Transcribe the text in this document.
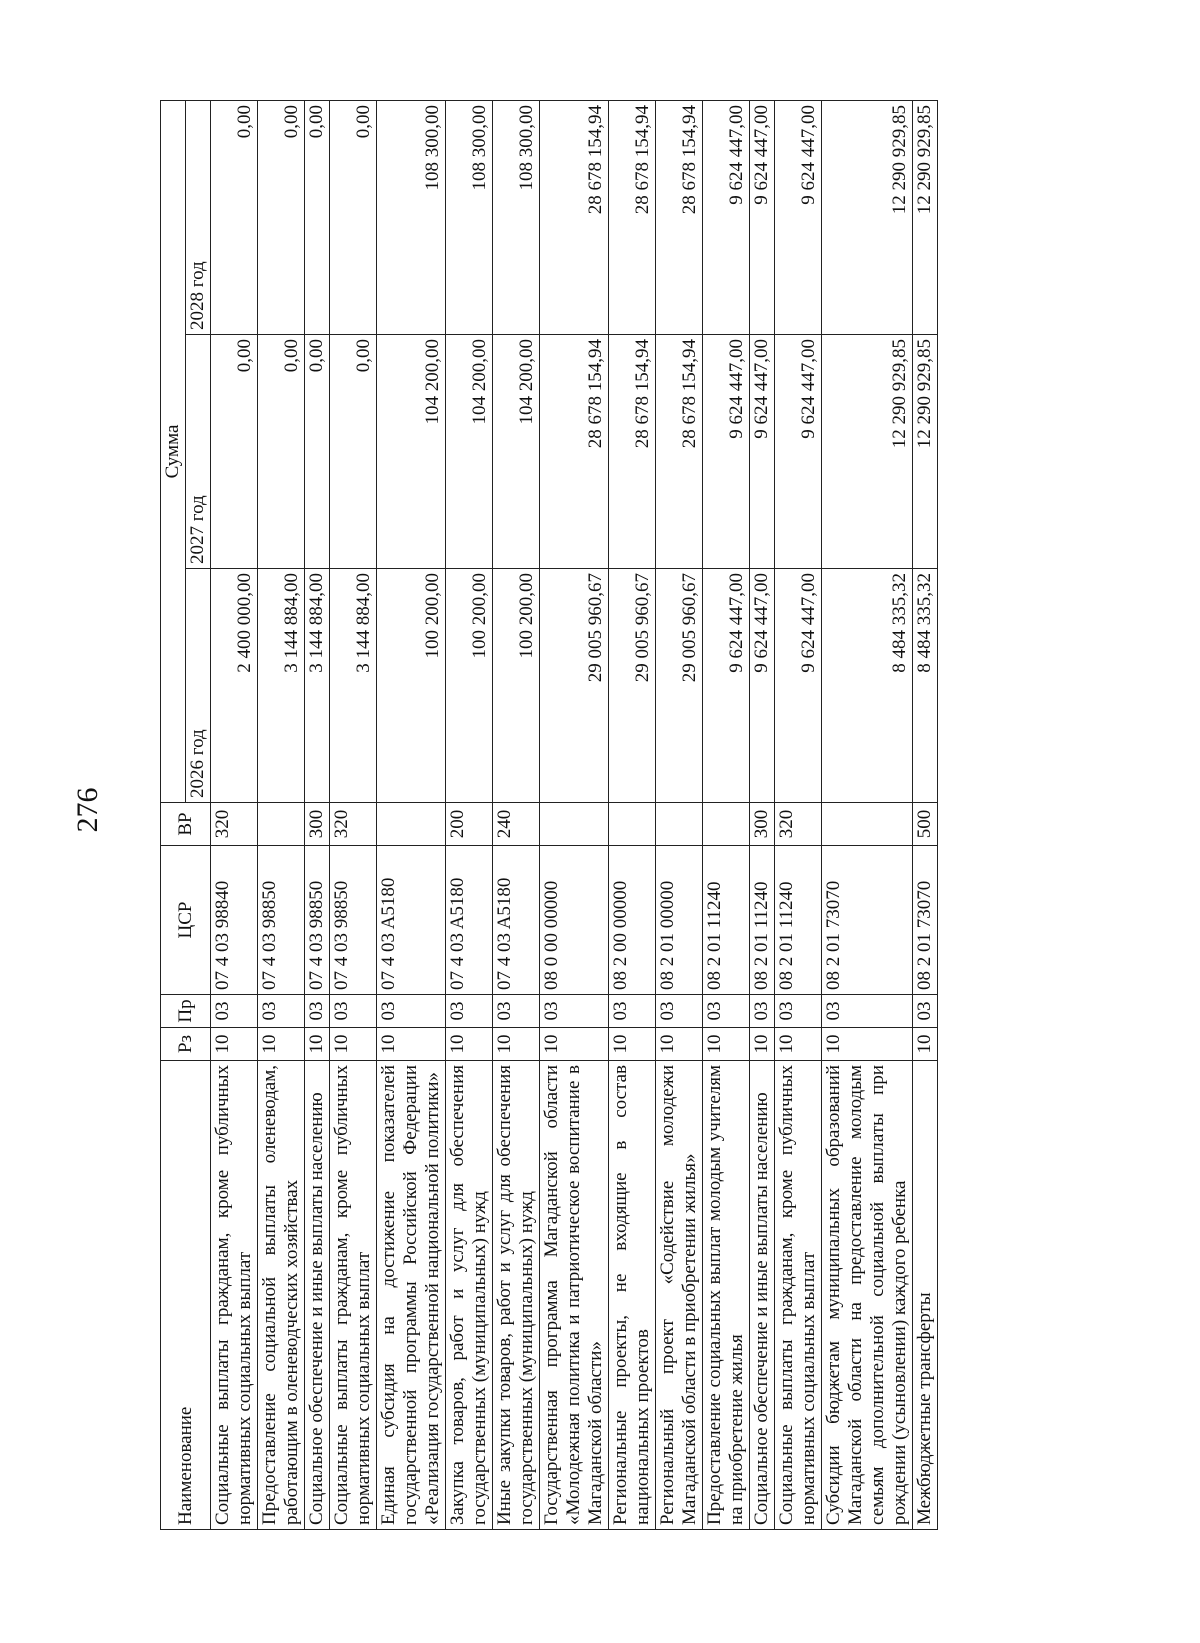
276
Наименование	Рз	Пр	ЦСР	ВР	Сумма		
					2026 год	2027 год	2028 год
Социальные выплаты гражданам, кроме публичных нормативных социальных выплат	10	03	07 4 03 98840	320	2 400 000,00	0,00	0,00
Предоставление социальной выплаты оленеводам, работающим в оленеводческих хозяйствах	10	03	07 4 03 98850		3 144 884,00	0,00	0,00
Социальное обеспечение и иные выплаты населению	10	03	07 4 03 98850	300	3 144 884,00	0,00	0,00
Социальные выплаты гражданам, кроме публичных нормативных социальных выплат	10	03	07 4 03 98850	320	3 144 884,00	0,00	0,00
Единая субсидия на достижение показателей государственной программы Российской Федерации «Реализация государственной национальной политики»	10	03	07 4 03 A5180		100 200,00	104 200,00	108 300,00
Закупка товаров, работ и услуг для обеспечения государственных (муниципальных) нужд	10	03	07 4 03 A5180	200	100 200,00	104 200,00	108 300,00
Иные закупки товаров, работ и услуг для обеспечения государственных (муниципальных) нужд	10	03	07 4 03 A5180	240	100 200,00	104 200,00	108 300,00
Государственная программа Магаданской области «Молодежная политика и патриотическое воспитание в Магаданской области»	10	03	08 0 00 00000		29 005 960,67	28 678 154,94	28 678 154,94
Региональные проекты, не входящие в состав национальных проектов	10	03	08 2 00 00000		29 005 960,67	28 678 154,94	28 678 154,94
Региональный проект «Содействие молодежи Магаданской области в приобретении жилья»	10	03	08 2 01 00000		29 005 960,67	28 678 154,94	28 678 154,94
Предоставление социальных выплат молодым учителям на приобретение жилья	10	03	08 2 01 11240		9 624 447,00	9 624 447,00	9 624 447,00
Социальное обеспечение и иные выплаты населению	10	03	08 2 01 11240	300	9 624 447,00	9 624 447,00	9 624 447,00
Социальные выплаты гражданам, кроме публичных нормативных социальных выплат	10	03	08 2 01 11240	320	9 624 447,00	9 624 447,00	9 624 447,00
Субсидии бюджетам муниципальных образований Магаданской области на предоставление молодым семьям дополнительной социальной выплаты при рождении (усыновлении) каждого ребенка	10	03	08 2 01 73070		8 484 335,32	12 290 929,85	12 290 929,85
Межбюджетные трансферты	10	03	08 2 01 73070	500	8 484 335,32	12 290 929,85	12 290 929,85
